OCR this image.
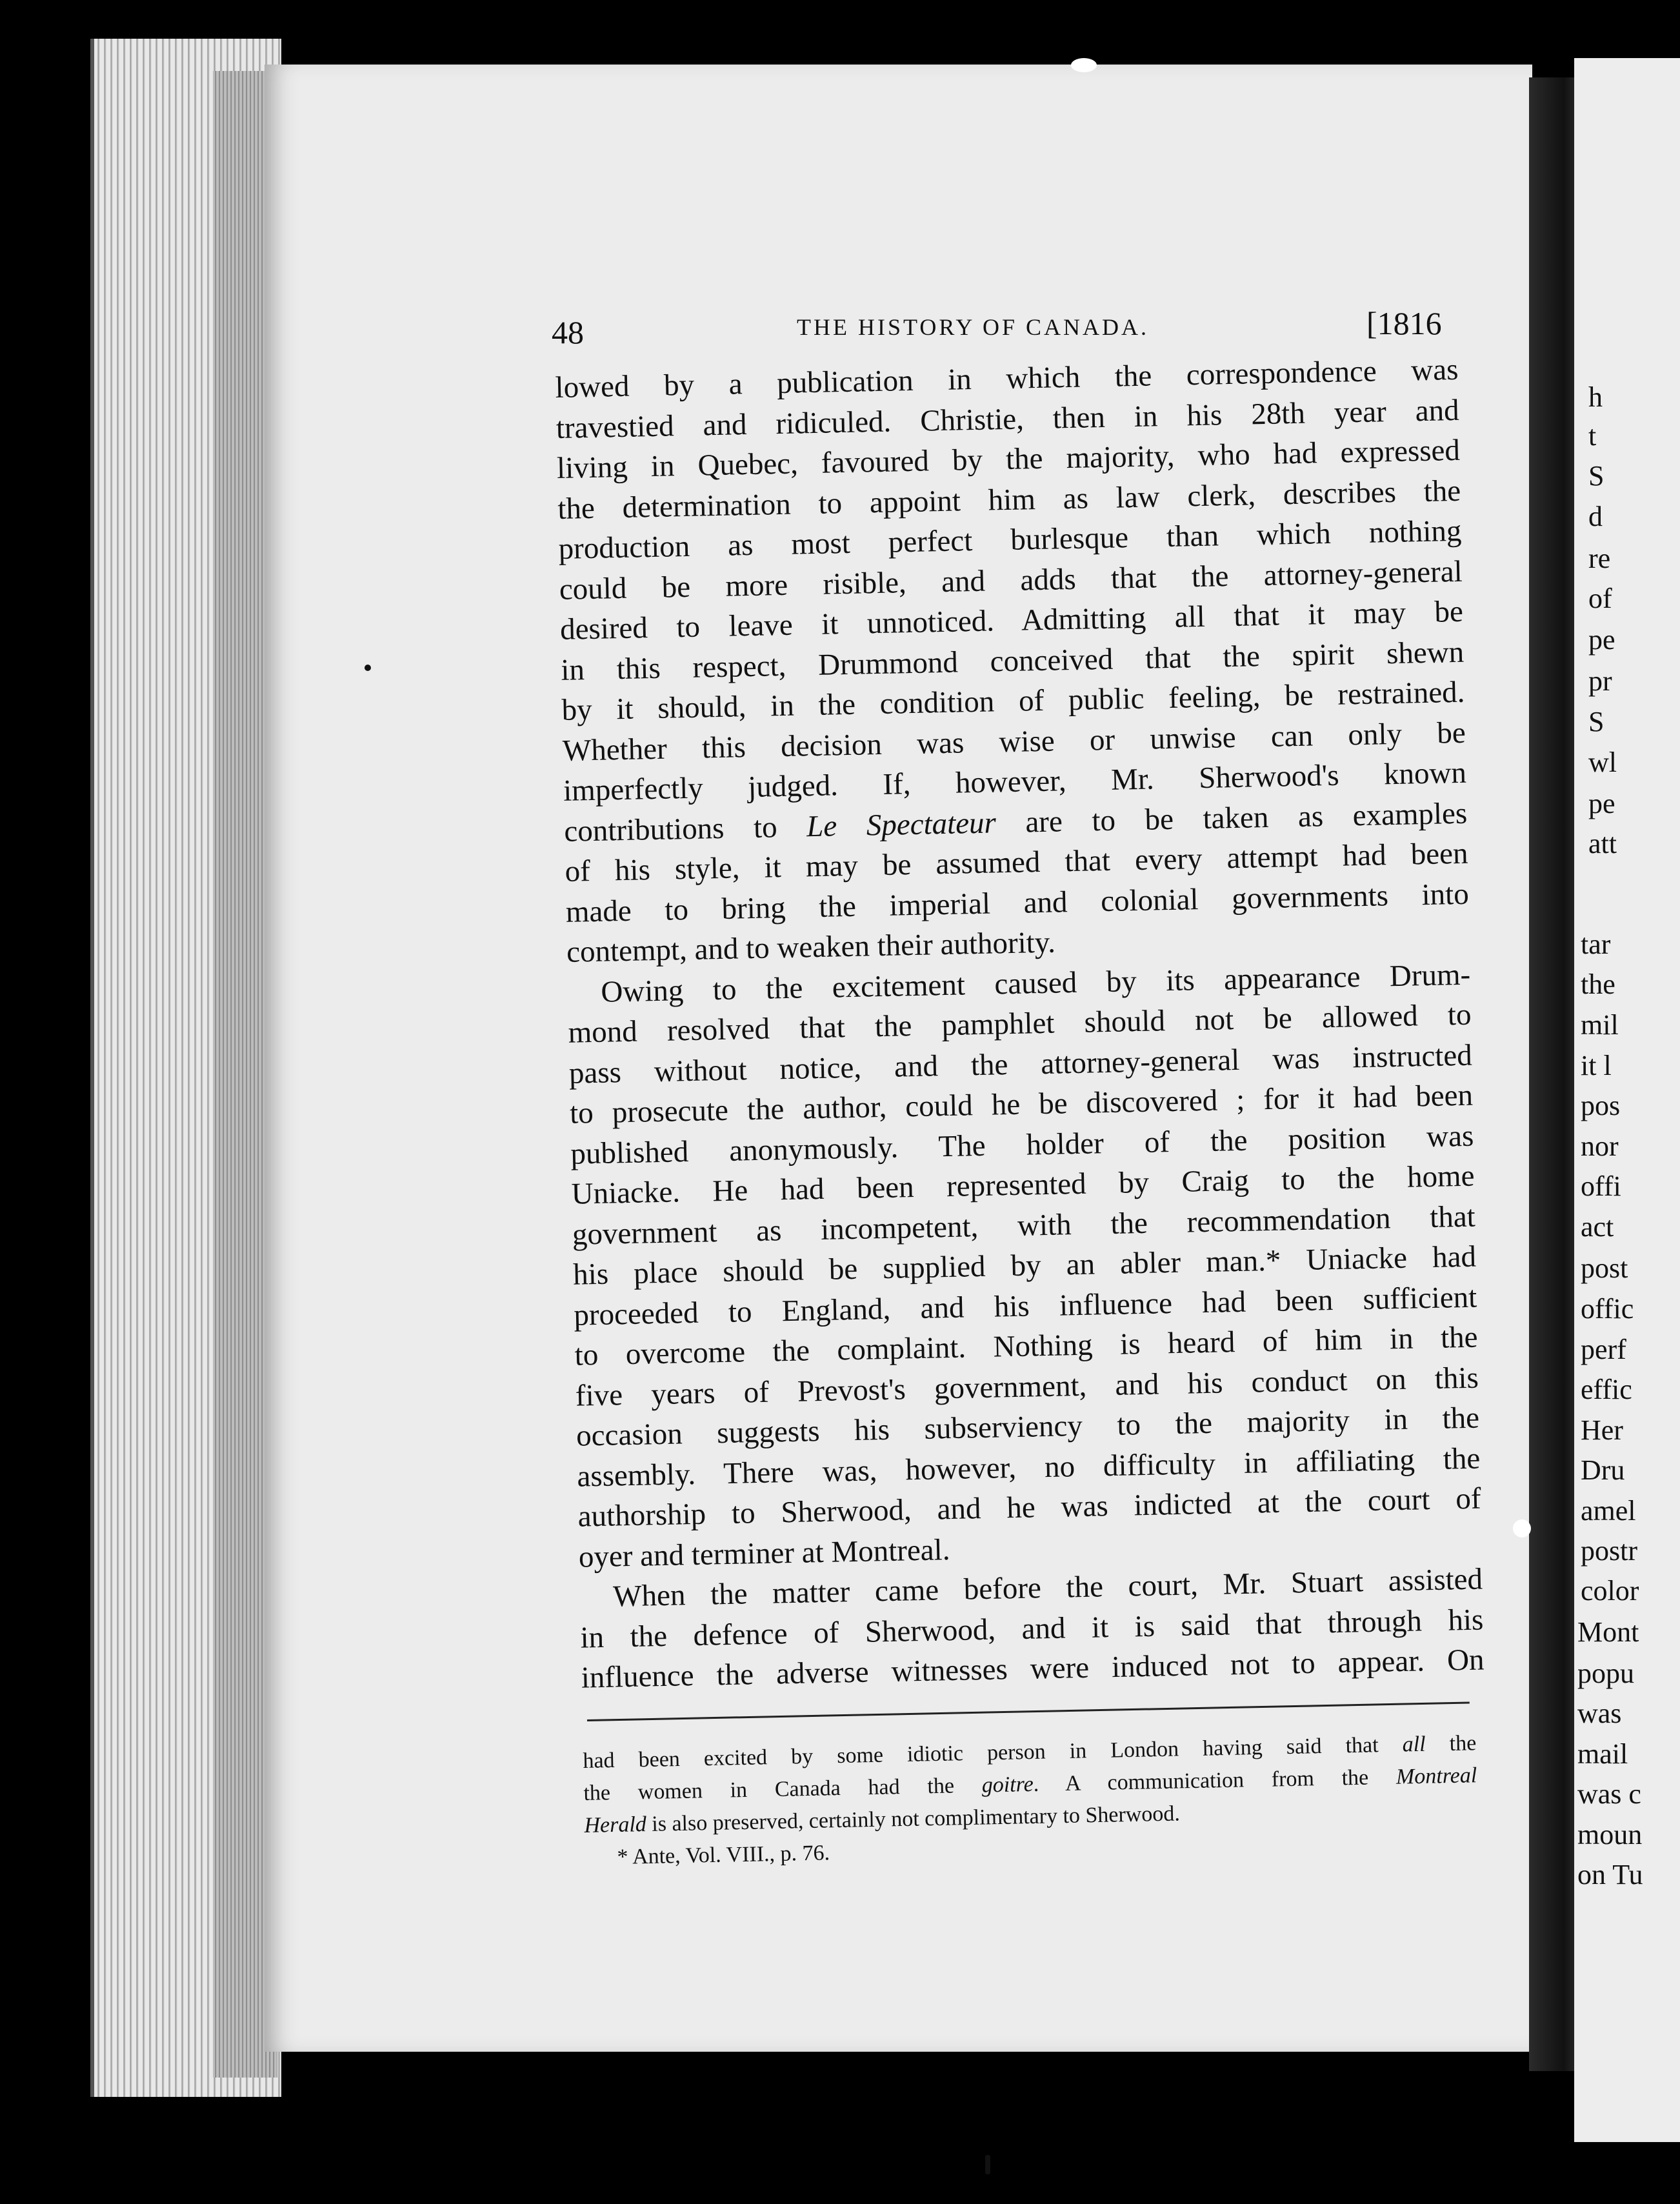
h
t
S
d
re
of
pe
pr
S
wl
pe
att
tar
the
mil
it l
pos
nor
offi
act
post
offic
perf
effic
Her
Dru
amel
postr
color
Mont
popu
was
mail
was c
moun
on Tu
48	THE HISTORY OF CANADA.	[1816
lowed by a publication in which the correspondence was
travestied and ridiculed. Christie, then in his 28th year and
living in Quebec, favoured by the majority, who had expressed
the determination to appoint him as law clerk, describes the
production as most perfect burlesque than which nothing
could be more risible, and adds that the attorney-general
desired to leave it unnoticed. Admitting all that it may be
in this respect, Drummond conceived that the spirit shewn
by it should, in the condition of public feeling, be restrained.
Whether this decision was wise or unwise can only be
imperfectly judged. If, however, Mr. Sherwood's known
contributions to Le Spectateur are to be taken as examples
of his style, it may be assumed that every attempt had been
made to bring the imperial and colonial governments into
contempt, and to weaken their authority.
Owing to the excitement caused by its appearance Drum-
mond resolved that the pamphlet should not be allowed to
pass without notice, and the attorney-general was instructed
to prosecute the author, could he be discovered ; for it had been
published anonymously. The holder of the position was
Uniacke. He had been represented by Craig to the home
government as incompetent, with the recommendation that
his place should be supplied by an abler man.* Uniacke had
proceeded to England, and his influence had been sufficient
to overcome the complaint. Nothing is heard of him in the
five years of Prevost's government, and his conduct on this
occasion suggests his subserviency to the majority in the
assembly. There was, however, no difficulty in affiliating the
authorship to Sherwood, and he was indicted at the court of
oyer and terminer at Montreal.
When the matter came before the court, Mr. Stuart assisted
in the defence of Sherwood, and it is said that through his
influence the adverse witnesses were induced not to appear. On
had been excited by some idiotic person in London having said that all the
the women in Canada had the goitre. A communication from the Montreal
Herald is also preserved, certainly not complimentary to Sherwood.
* Ante, Vol. VIII., p. 76.
